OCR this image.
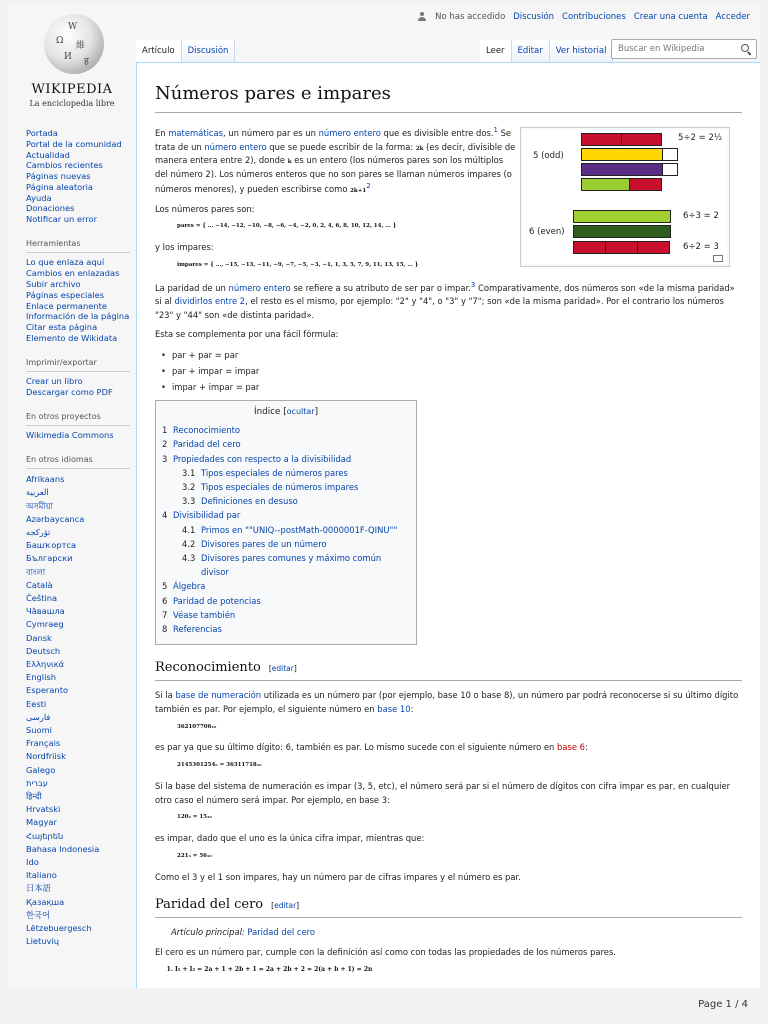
No has accedido Discusión Contribuciones Crear una cuenta Acceder
W
Ω 維
И ह
WIKIPEDIA
La enciclopedia libre
Portada
Portal de la comunidad
Actualidad
Cambios recientes
Páginas nuevas
Página aleatoria
Ayuda
Donaciones
Notificar un error
Herramientas
Lo que enlaza aquí
Cambios en enlazadas
Subir archivo
Páginas especiales
Enlace permanente
Información de la página
Citar esta página
Elemento de Wikidata
Imprimir/exportar
Crear un libro
Descargar como PDF
En otros proyectos
Wikimedia Commons
En otros idiomas
Afrikaans
العربية
অসমীয়া
Azərbaycanca
تۆرکجه
Башҡортса
Български
বাংলা
Català
Čeština
Чӑвашла
Cymraeg
Dansk
Deutsch
Ελληνικά
English
Esperanto
Eesti
فارسی
Suomi
Français
Nordfriisk
Galego
עברית
हिन्दी
Hrvatski
Magyar
Հայերեն
Bahasa Indonesia
Ido
Italiano
日本語
Қазақша
한국어
Lëtzebuergesch
Lietuvių
Artículo	Discusión	Leer	Editar	Ver historial	Buscar en Wikipedia
Números pares e impares
5 (odd)
6 (even)
5÷2 = 2½
6÷3 = 2
6÷2 = 3

En matemáticas, un número par es un número entero que es divisible entre dos.$^1$ Se trata de un número entero que se puede escribir de la forma: 2k (es decir, divisible de manera entera entre 2), donde k es un entero (los números pares son los múltiplos del número 2). Los números enteros que no son pares se llaman números impares (o números menores), y pueden escribirse como $2k+1^2$

Los números pares son:

pares = { … −14, −12, −10, −8, −6, −4, −2, 0, 2, 4, 6, 8, 10, 12, 14, … }

y los impares:

impares = { …, −15, −13, −11, −9, −7, −5, −3, −1, 1, 3, 5, 7, 9, 11, 13, 15, … }

La paridad de un número entero se refiere a su atributo de ser par o impar.$^3$ Comparativamente, dos números son «de la misma paridad» si al dividirlos entre 2, el resto es el mismo, por ejemplo: "2" y "4", o "3" y "7"; son «de la misma paridad». Por el contrario los números "23" y "44" son «de distinta paridad».

Esta se complementa por una fácil fórmula:

• par + par = par
• par + impar = impar
• impar + impar = par
Índice [ocultar]
1 Reconocimiento
2 Paridad del cero
3 Propiedades con respecto a la divisibilidad
3.1 Tipos especiales de números pares
3.2 Tipos especiales de números impares
3.3 Definiciones en desuso
4 Divisibilidad par
4.1 Primos en ""UNIQ--postMath-0000001F-QINU""
4.2 Divisores pares de un número
4.3 Divisores pares comunes y máximo común divisor
5 Álgebra
6 Paridad de potencias
7 Véase también
8 Referencias
Reconocimiento [editar]

Si la base de numeración utilizada es un número par (por ejemplo, base 10 o base 8), un número par podrá reconocerse si su último dígito también es par. Por ejemplo, el siguiente número en base 10:

362107706₁₀

es par ya que su último dígito: 6, también es par. Lo mismo sucede con el siguiente número en base 6:

2145301254₆ = 36311718₁₀

Si la base del sistema de numeración es impar (3, 5, etc), el número será par si el número de dígitos con cifra impar es par, en cualquier otro caso el número será impar. Por ejemplo, en base 3:

120₃ = 15₁₀

es impar, dado que el uno es la única cifra impar, mientras que:

221₃ = 56₁₀

Como el 3 y el 1 son impares, hay un número par de cifras impares y el número es par.

Paridad del cero [editar]

Artículo principal: Paridad del cero

El cero es un número par, cumple con la definición así como con todas las propiedades de los números pares.

1. I₁ + I₂ = 2a + 1 + 2b + 1 = 2a + 2b + 2 = 2(a + b + 1) = 2n
Page 1 / 4
